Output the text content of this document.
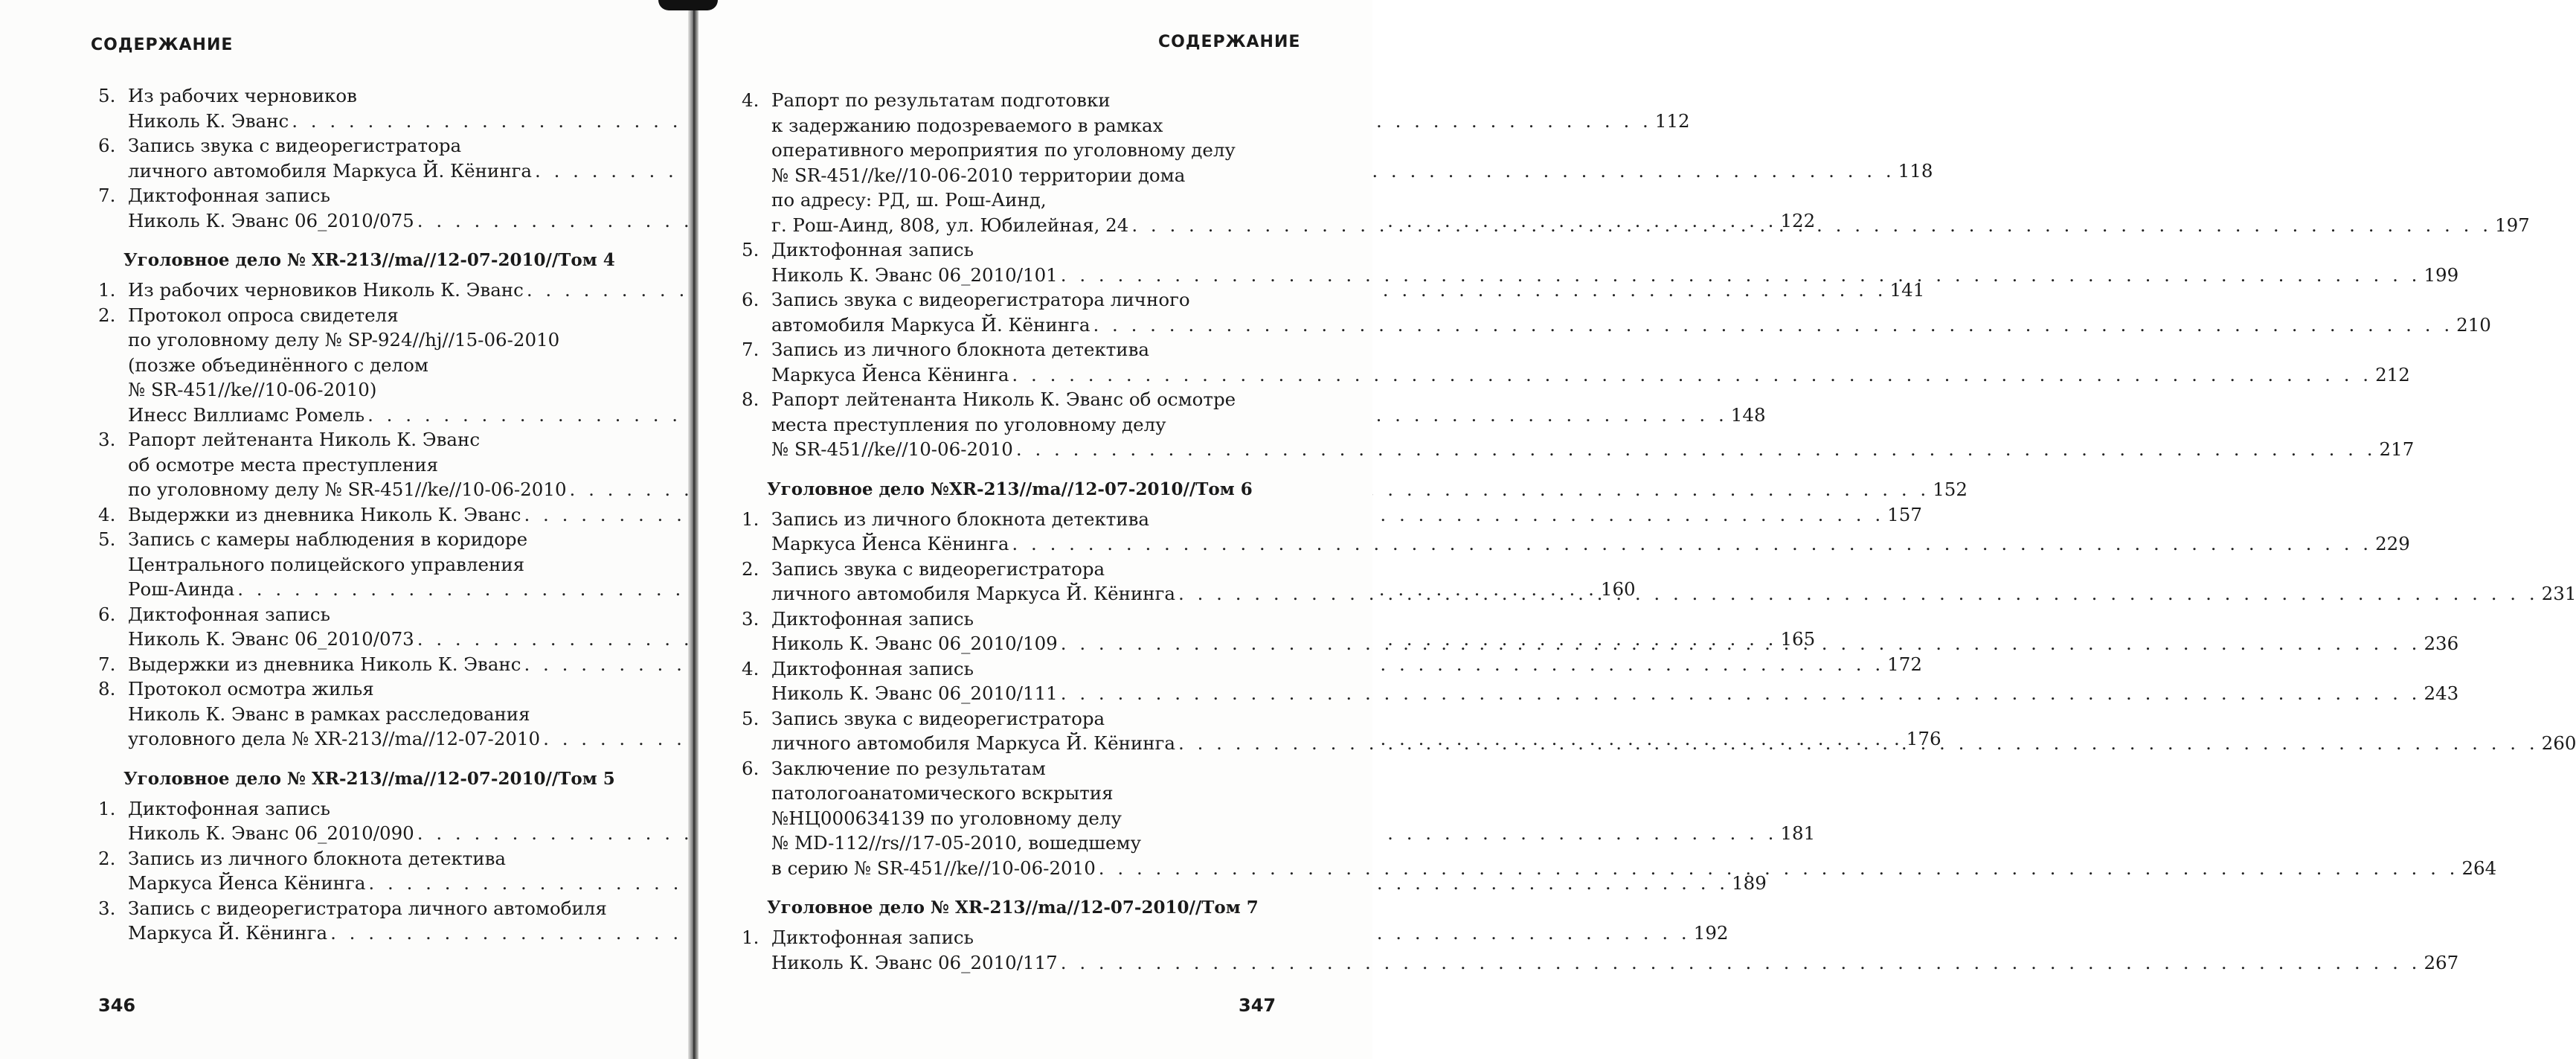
СОДЕРЖАНИЕ
5. Из рабочих черновиков
Николь К. Эванс . . .	112
6. Запись звука с видеорегистратора
личного автомобиля Маркуса Й. Кёнинга . . .	118
7. Диктофонная запись
Николь К. Эванс 06_2010/075 . . .	122
Уголовное дело № XR-213//ma//12-07-2010//Том 4
1. Из рабочих черновиков Николь К. Эванс . . .	141
2. Протокол опроса свидетеля
по уголовному делу № SP-924//hj//15-06-2010
(позже объединённого с делом
№ SR-451//ke//10-06-2010)
Инесс Виллиамс Ромель . . .	148
3. Рапорт лейтенанта Николь К. Эванс
об осмотре места преступления
по уголовному делу № SR-451//ke//10-06-2010 . . .	152
4. Выдержки из дневника Николь К. Эванс . . .	157
5. Запись с камеры наблюдения в коридоре
Центрального полицейского управления
Рош-Аинда . . .	160
6. Диктофонная запись
Николь К. Эванс 06_2010/073 . . .	165
7. Выдержки из дневника Николь К. Эванс . . .	172
8. Протокол осмотра жилья
Николь К. Эванс в рамках расследования
уголовного дела № XR-213//ma//12-07-2010 . . .	176
Уголовное дело № XR-213//ma//12-07-2010//Том 5
1. Диктофонная запись
Николь К. Эванс 06_2010/090 . . .	181
2. Запись из личного блокнота детектива
Маркуса Йенса Кёнинга . . .	189
3. Запись с видеорегистратора личного автомобиля
Маркуса Й. Кёнинга . . .	192
346
СОДЕРЖАНИЕ
4. Рапорт по результатам подготовки
к задержанию подозреваемого в рамках
оперативного мероприятия по уголовному делу
№ SR-451//ke//10-06-2010 территории дома
по адресу: РД, ш. Рош-Аинд,
г. Рош-Аинд, 808, ул. Юбилейная, 24 . . .	197
5. Диктофонная запись
Николь К. Эванс 06_2010/101 . . .	199
6. Запись звука с видеорегистратора личного
автомобиля Маркуса Й. Кёнинга . . .	210
7. Запись из личного блокнота детектива
Маркуса Йенса Кёнинга . . .	212
8. Рапорт лейтенанта Николь К. Эванс об осмотре
места преступления по уголовному делу
№ SR-451//ke//10-06-2010 . . .	217
Уголовное дело №XR-213//ma//12-07-2010//Том 6
1. Запись из личного блокнота детектива
Маркуса Йенса Кёнинга . . .	229
2. Запись звука с видеорегистратора
личного автомобиля Маркуса Й. Кёнинга . . .	231
3. Диктофонная запись
Николь К. Эванс 06_2010/109 . . .	236
4. Диктофонная запись
Николь К. Эванс 06_2010/111 . . .	243
5. Запись звука с видеорегистратора
личного автомобиля Маркуса Й. Кёнинга . . .	260
6. Заключение по результатам
патологоанатомического вскрытия
№НЦ000634139 по уголовному делу
№ MD-112//rs//17-05-2010, вошедшему
в серию № SR-451//ke//10-06-2010 . . .	264
Уголовное дело № XR-213//ma//12-07-2010//Том 7
1. Диктофонная запись
Николь К. Эванс 06_2010/117 . . .	267
347
